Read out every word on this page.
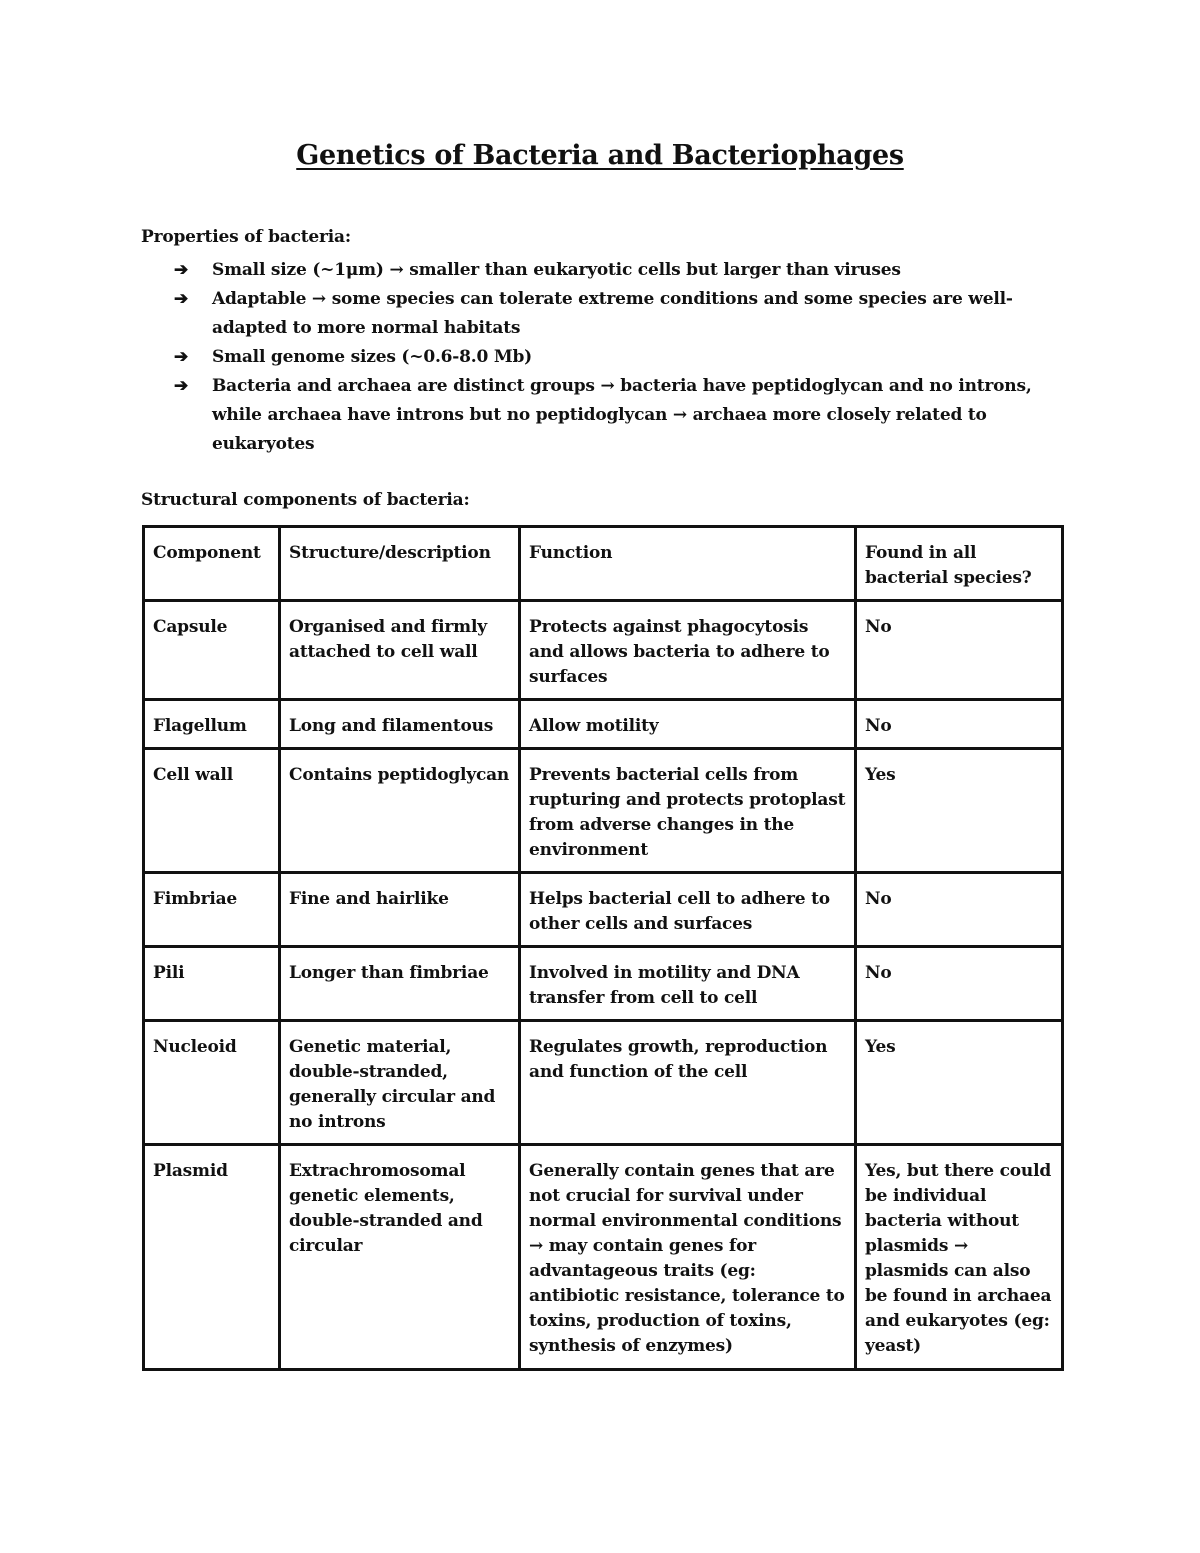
Genetics of Bacteria and Bacteriophages
Properties of bacteria:
➔ Small size (~1μm) → smaller than eukaryotic cells but larger than viruses
➔ Adaptable → some species can tolerate extreme conditions and some species are well-adapted to more normal habitats
➔ Small genome sizes (~0.6-8.0 Mb)
➔ Bacteria and archaea are distinct groups → bacteria have peptidoglycan and no introns, while archaea have introns but no peptidoglycan → archaea more closely related to eukaryotes
Structural components of bacteria:
Component	Structure/description	Function	Found in all bacterial species?
Capsule	Organised and firmly attached to cell wall	Protects against phagocytosis and allows bacteria to adhere to surfaces	No
Flagellum	Long and filamentous	Allow motility	No
Cell wall	Contains peptidoglycan	Prevents bacterial cells from rupturing and protects protoplast from adverse changes in the environment	Yes
Fimbriae	Fine and hairlike	Helps bacterial cell to adhere to other cells and surfaces	No
Pili	Longer than fimbriae	Involved in motility and DNA transfer from cell to cell	No
Nucleoid	Genetic material, double-stranded, generally circular and no introns	Regulates growth, reproduction and function of the cell	Yes
Plasmid	Extrachromosomal genetic elements, double-stranded and circular	Generally contain genes that are not crucial for survival under normal environmental conditions → may contain genes for advantageous traits (eg: antibiotic resistance, tolerance to toxins, production of toxins, synthesis of enzymes)	Yes, but there could be individual bacteria without plasmids → plasmids can also be found in archaea and eukaryotes (eg: yeast)
